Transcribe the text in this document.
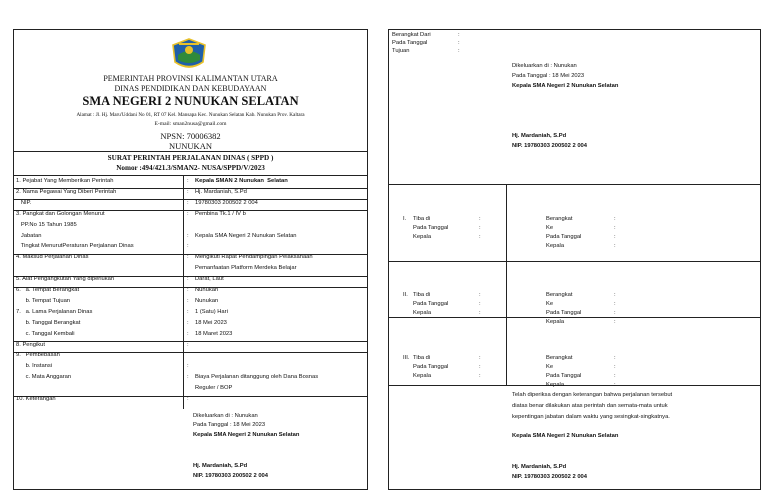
PEMERINTAH PROVINSI KALIMANTAN UTARA
DINAS PENDIDIKAN DAN KEBUDAYAAN
SMA NEGERI 2 NUNUKAN SELATAN
Alamat : Jl. Hj. Maru'Uddani No 01, RT 07 Kel. Mansapa Kec. Nunukan Selatan Kab. Nunukan Prov. Kaltara
E-mail: sman2nusa@gmail.com
NPSN: 70006382
NUNUKAN
SURAT PERINTAH PERJALANAN DINAS ( SPPD )
Nomor :494/421.3/SMAN2- NUSA/SPPD/V/2023
1. Pejabat Yang Memberikan Perintah	: Kepala SMAN 2 Nunukan  Selatan
2. Nama Pegawai Yang Diberi Perintah	: Hj. Mardaniah, S.Pd
NIP.	: 19780303 200502 2 004
3. Pangkat dan Golongan Menurut	: Pembina Tk.1 / IV b
PP.No 15 Tahun 1985
Jabatan	: Kepala SMA Negeri 2 Nunukan Selatan
Tingkat MenurutPeraturan Perjalanan Dinas	:
4. Maksud Perjalanan Dinas	: Mengikuti Rapat Pendampingan Pelaksanaan
Pemanfaatan Platform Merdeka Belajar
5. Alat Pengangkutan Yang diperlukan	: Darat, Laut
6.   a. Tempat Berangkat	: Nunukan
b. Tempat Tujuan	: Nunukan
7.   a. Lama Perjalanan Dinas	: 1 (Satu) Hari
b. Tanggal Berangkat	: 18 Mei 2023
c. Tanggal Kembali	: 18 Maret 2023
8. Pengikut	:
9.   Pembebasan
b. Instansi	:
c. Mata Anggaran	: Biaya Perjalanan ditanggung oleh Dana Bosnas
Reguler / BOP
10. Keterangan	:
Dikeluarkan di : Nunukan
Pada Tanggal : 18 Mei 2023
Kepala SMA Negeri 2 Nunukan Selatan
Hj. Mardaniah, S.Pd
NIP. 19780303 200502 2 004
Berangkat Dari	:
Pada Tanggal	:
Tujuan	:
Dikeluarkan di : Nunukan
Pada Tanggal : 18 Mei 2023
Kepala SMA Negeri 2 Nunukan Selatan
Hj. Mardaniah, S.Pd
NIP. 19780303 200502 2 004
I. Tiba di	:
Pada Tanggal	:
Kepala	:
Berangkat	:
Ke	:
Pada Tanggal	:
Kepala	:
II. Tiba di	:
Pada Tanggal	:
Kepala	:
Berangkat	:
Ke	:
Pada Tanggal	:
Kepala	:
III. Tiba di	:
Pada Tanggal	:
Kepala	:
Berangkat	:
Ke	:
Pada Tanggal	:
Kepala	:
Telah diperiksa dengan keterangan bahwa perjalanan tersebut
diatas benar dilakukan atas perintah dan semata-mata untuk
kepentingan jabatan dalam waktu yang sesingkat-singkatnya.
Kepala SMA Negeri 2 Nunukan Selatan
Hj. Mardaniah, S.Pd
NIP. 19780303 200502 2 004
